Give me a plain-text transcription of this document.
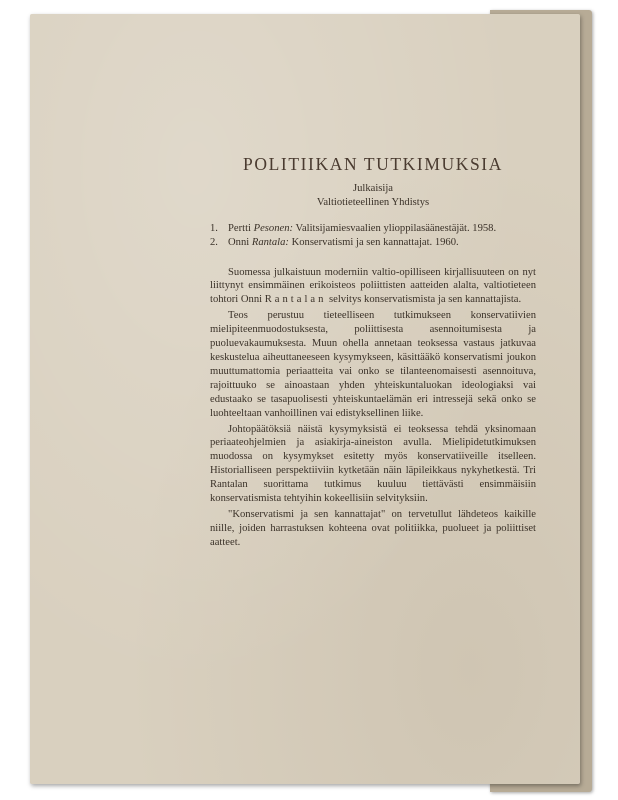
POLITIIKAN TUTKIMUKSIA

Julkaisija

Valtiotieteellinen Yhdistys

1. Pertti Pesonen: Valitsijamiesvaalien ylioppilasäänestäjät. 1958.
2. Onni Rantala: Konservatismi ja sen kannattajat. 1960.

Suomessa julkaistuun moderniin valtio-opilliseen kirjallisuuteen on nyt liittynyt ensimmäinen erikoisteos poliittisten aatteiden alalta, valtiotieteen tohtori Onni Rantalan selvitys konservatismista ja sen kannattajista.

Teos perustuu tieteelliseen tutkimukseen konservatiivien mielipiteenmuodostuksesta, poliittisesta asennoitumisesta ja puoluevakaumuksesta. Muun ohella annetaan teoksessa vastaus jatkuvaa keskustelua aiheuttaneeseen kysymykseen, käsittääkö konservatismi joukon muuttumattomia periaatteita vai onko se tilanteenomaisesti asennoituva, rajoittuuko se ainoastaan yhden yhteiskuntaluokan ideologiaksi vai edustaako se tasapuolisesti yhteiskuntaelämän eri intressejä sekä onko se luohteeltaan vanhoillinen vai edistyksellinen liike.

Johtopäätöksiä näistä kysymyksistä ei teoksessa tehdä yksinomaan periaateohjelmien ja asiakirja-aineiston avulla. Mielipidetutkimuksen muodossa on kysymykset esitetty myös konservatiiveille itselleen. Historialliseen perspektiiviin kytketään näin läpileikkaus nykyhetkestä. Tri Rantalan suorittama tutkimus kuuluu tiettävästi ensimmäisiin konservatismista tehtyihin kokeellisiin selvityksiin.

"Konservatismi ja sen kannattajat" on tervetullut lähdeteos kaikille niille, joiden harrastuksen kohteena ovat politiikka, puolueet ja poliittiset aatteet.
